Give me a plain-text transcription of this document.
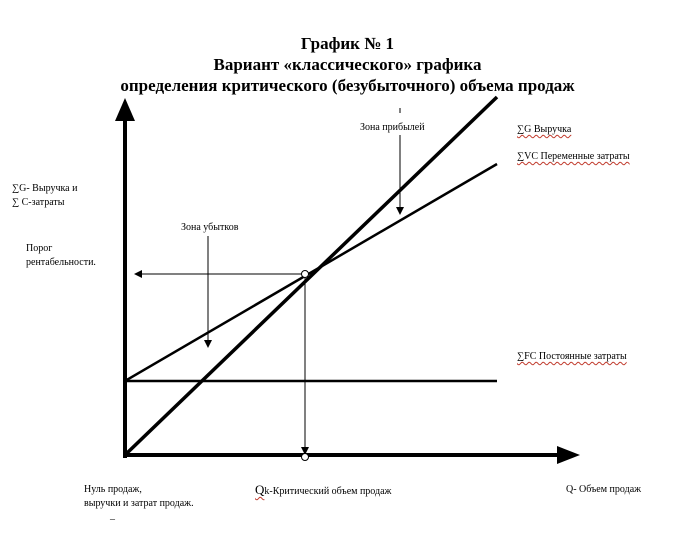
График № 1
Вариант «классического» графика
определения критического (безубыточного) объема продаж
Зона прибылей
Зона убытков
∑G Выручка
∑VC Переменные затраты
∑FC Постоянные затраты
∑G- Выручка и
∑ С-затраты
Порог
рентабельности.
Нуль продаж,
выручки и затрат продаж.
–
Qk-Критический объем продаж	Q- Объем продаж
